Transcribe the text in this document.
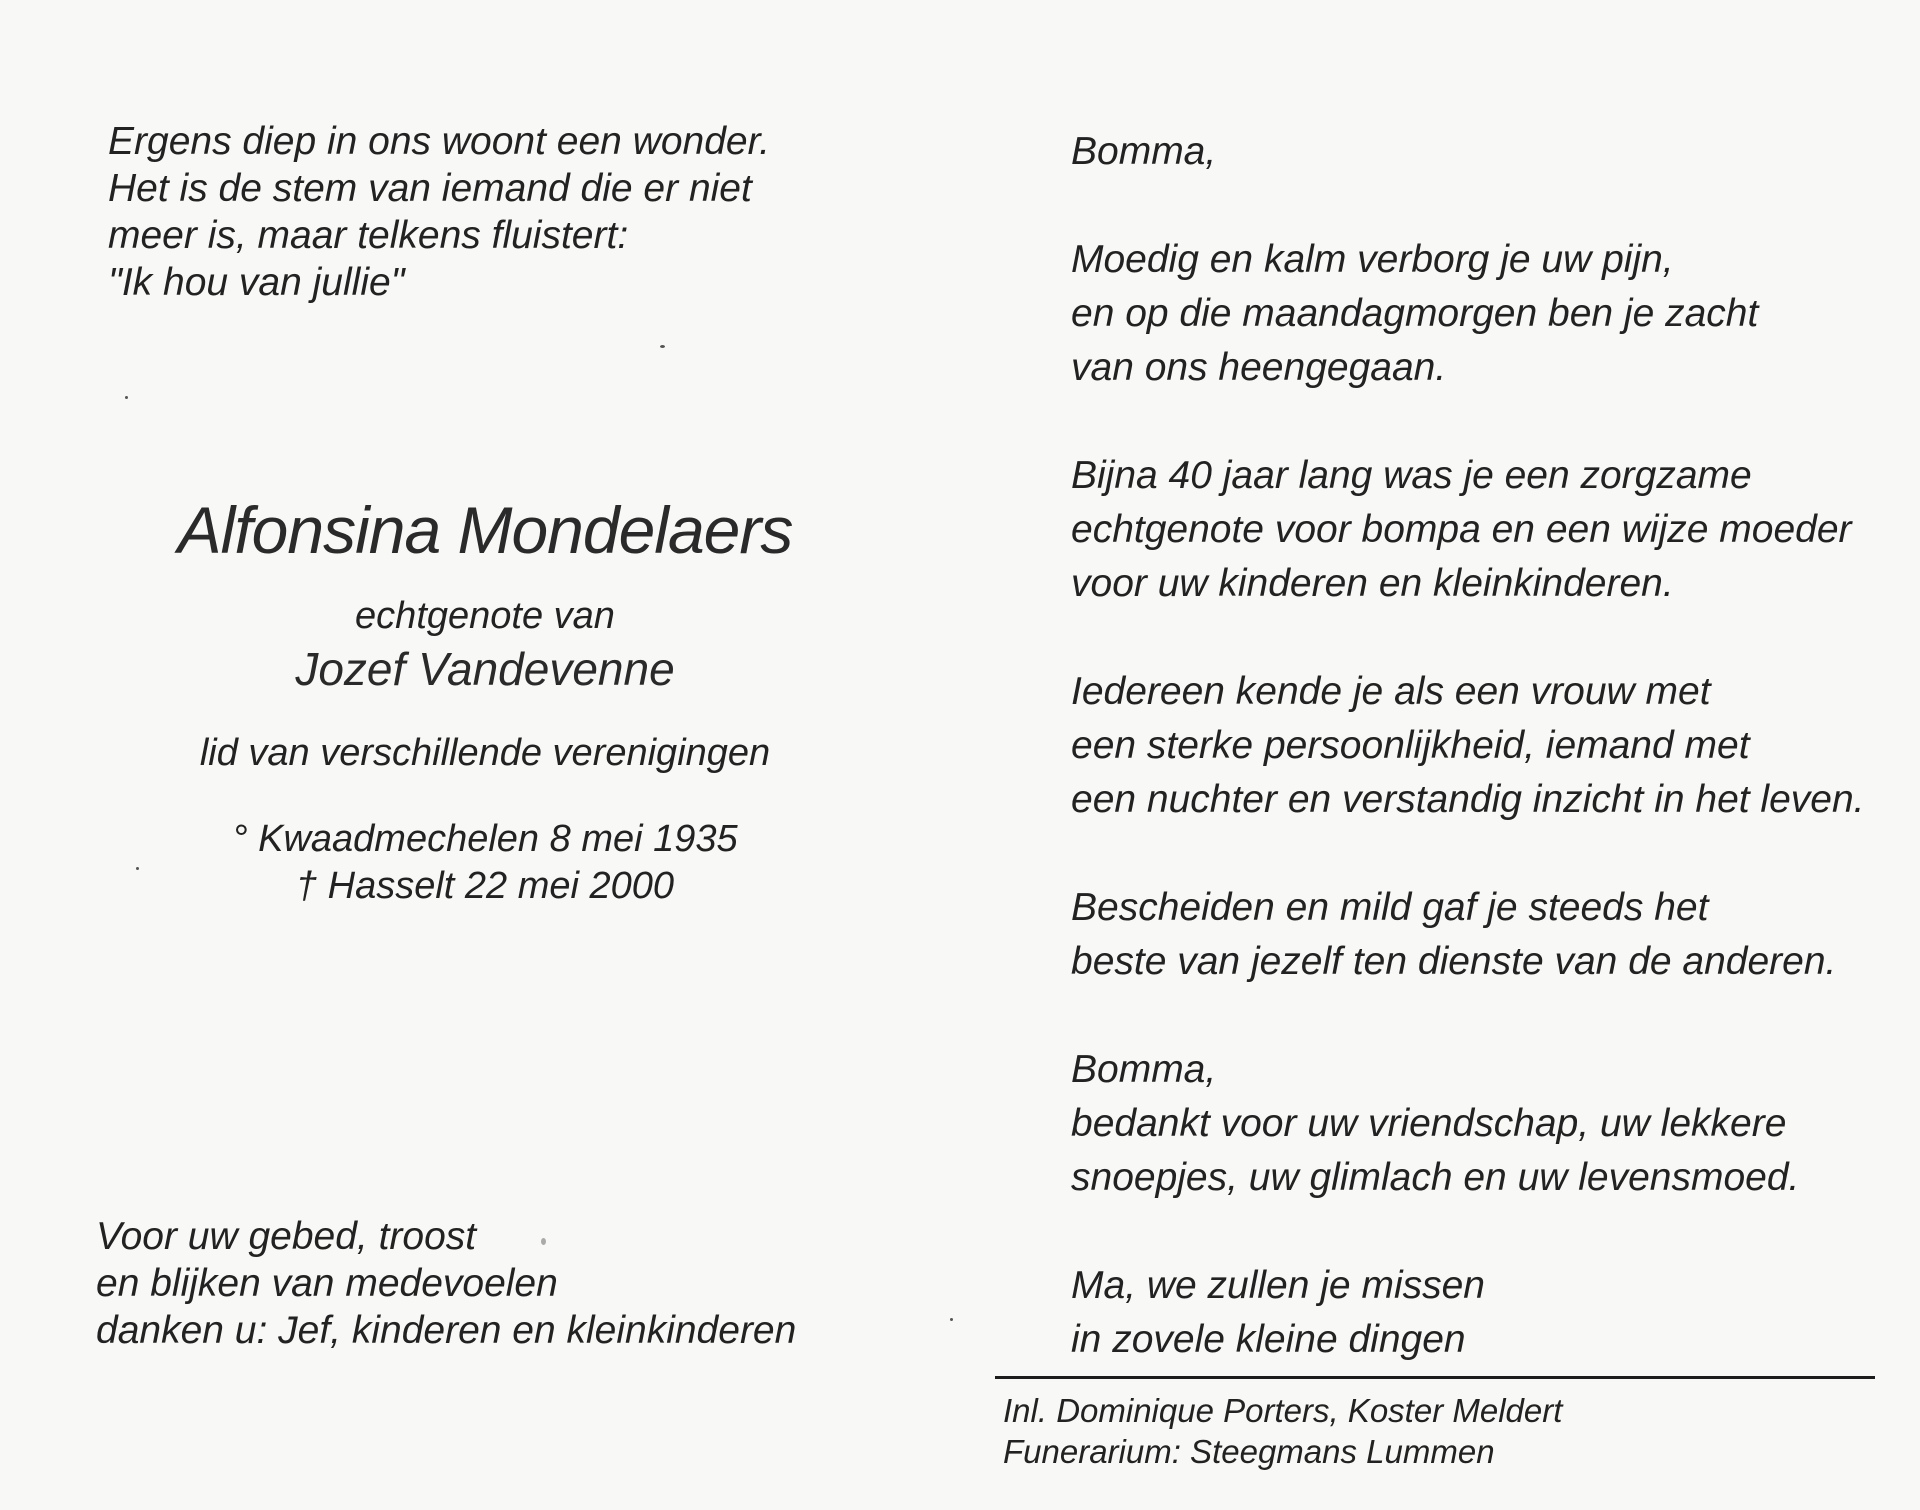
Ergens diep in ons woont een wonder.
Het is de stem van iemand die er niet
meer is, maar telkens fluistert:
"Ik hou van jullie"
Alfonsina Mondelaers
echtgenote van
Jozef Vandevenne
lid van verschillende verenigingen
° Kwaadmechelen 8 mei 1935
† Hasselt 22 mei 2000
Voor uw gebed, troost
en blijken van medevoelen
danken u: Jef, kinderen en kleinkinderen
Bomma,
Moedig en kalm verborg je uw pijn,
en op die maandagmorgen ben je zacht
van ons heengegaan.
Bijna 40 jaar lang was je een zorgzame
echtgenote voor bompa en een wijze moeder
voor uw kinderen en kleinkinderen.
Iedereen kende je als een vrouw met
een sterke persoonlijkheid, iemand met
een nuchter en verstandig inzicht in het leven.
Bescheiden en mild gaf je steeds het
beste van jezelf ten dienste van de anderen.
Bomma,
bedankt voor uw vriendschap, uw lekkere
snoepjes, uw glimlach en uw levensmoed.
Ma, we zullen je missen
in zovele kleine dingen
Inl. Dominique Porters, Koster Meldert
Funerarium: Steegmans Lummen
